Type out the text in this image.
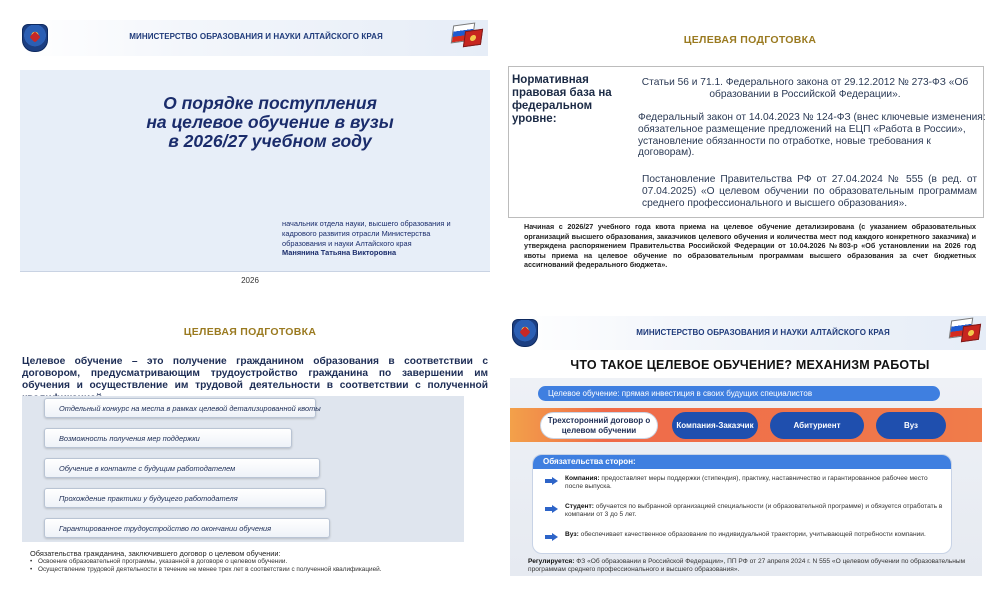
МИНИСТЕРСТВО ОБРАЗОВАНИЯ И НАУКИ АЛТАЙСКОГО КРАЯ
О порядке поступления
на целевое обучение в вузы
в 2026/27 учебном году
начальник отдела науки, высшего образования и
кадрового развития отрасли Министерства
образования и науки Алтайского края
Манянина Татьяна Викторовна
2026
ЦЕЛЕВАЯ ПОДГОТОВКА
Нормативная правовая база на федеральном уровне:
Статьи 56 и 71.1. Федерального закона от 29.12.2012 № 273-ФЗ «Об образовании в Российской Федерации».
Федеральный закон от 14.04.2023 № 124-ФЗ (внес ключевые изменения: обязательное размещение предложений на ЕЦП «Работа в России», установление обязанности по отработке, новые требования к договорам).
Постановление Правительства РФ от 27.04.2024 № 555 (в ред. от 07.04.2025) «О целевом обучении по образовательным программам среднего профессионального и высшего образования».
Начиная с 2026/27 учебного года квота приема на целевое обучение детализирована (с указанием образовательных организаций высшего образования, заказчиков целевого обучения и количества мест под каждого конкретного заказчика) и утверждена распоряжением Правительства Российской Федерации от 10.04.2026 №803-р «Об установлении на 2026 год квоты приема на целевое обучение по образовательным программам высшего образования за счет бюджетных ассигнований федерального бюджета».
ЦЕЛЕВАЯ ПОДГОТОВКА
Целевое обучение – это получение гражданином образования в соответствии с договором, предусматривающим трудоустройство гражданина по завершении им обучения и осуществление им трудовой деятельности в соответствии с полученной
Отдельный конкурс на места в рамках целевой детализированной квоты
Возможность получения мер поддержки
Обучение в контакте с будущим работодателем
Прохождение практики у будущего работодателя
Гарантированное трудоустройство по окончании обучения
Обязательства гражданина, заключившего договор о целевом обучении:
• Освоение образовательной программы, указанной в договоре о целевом обучении.
• Осуществление трудовой деятельности в течение не менее трех лет в соответствии с полученной квалификацией.
МИНИСТЕРСТВО ОБРАЗОВАНИЯ И НАУКИ АЛТАЙСКОГО КРАЯ
ЧТО ТАКОЕ ЦЕЛЕВОЕ ОБУЧЕНИЕ? МЕХАНИЗМ РАБОТЫ
Целевое обучение: прямая инвестиция в своих будущих специалистов
Трехсторонний договор о целевом обучении
Компания-Заказчик	Абитуриент	Вуз
Обязательства сторон:
Компания: предоставляет меры поддержки (стипендия), практику, наставничество и гарантированное рабочее место после выпуска.
Студент: обучается по выбранной организацией специальности (и образовательной программе) и обязуется отработать в компании от 3 до 5 лет.
Вуз: обеспечивает качественное образование по индивидуальной траектории, учитывающей потребности компании.
Регулируется: ФЗ «Об образовании в Российской Федерации», ПП РФ от 27 апреля 2024 г. N 555 «О целевом обучении по образовательным программам среднего профессионального и высшего образования».
